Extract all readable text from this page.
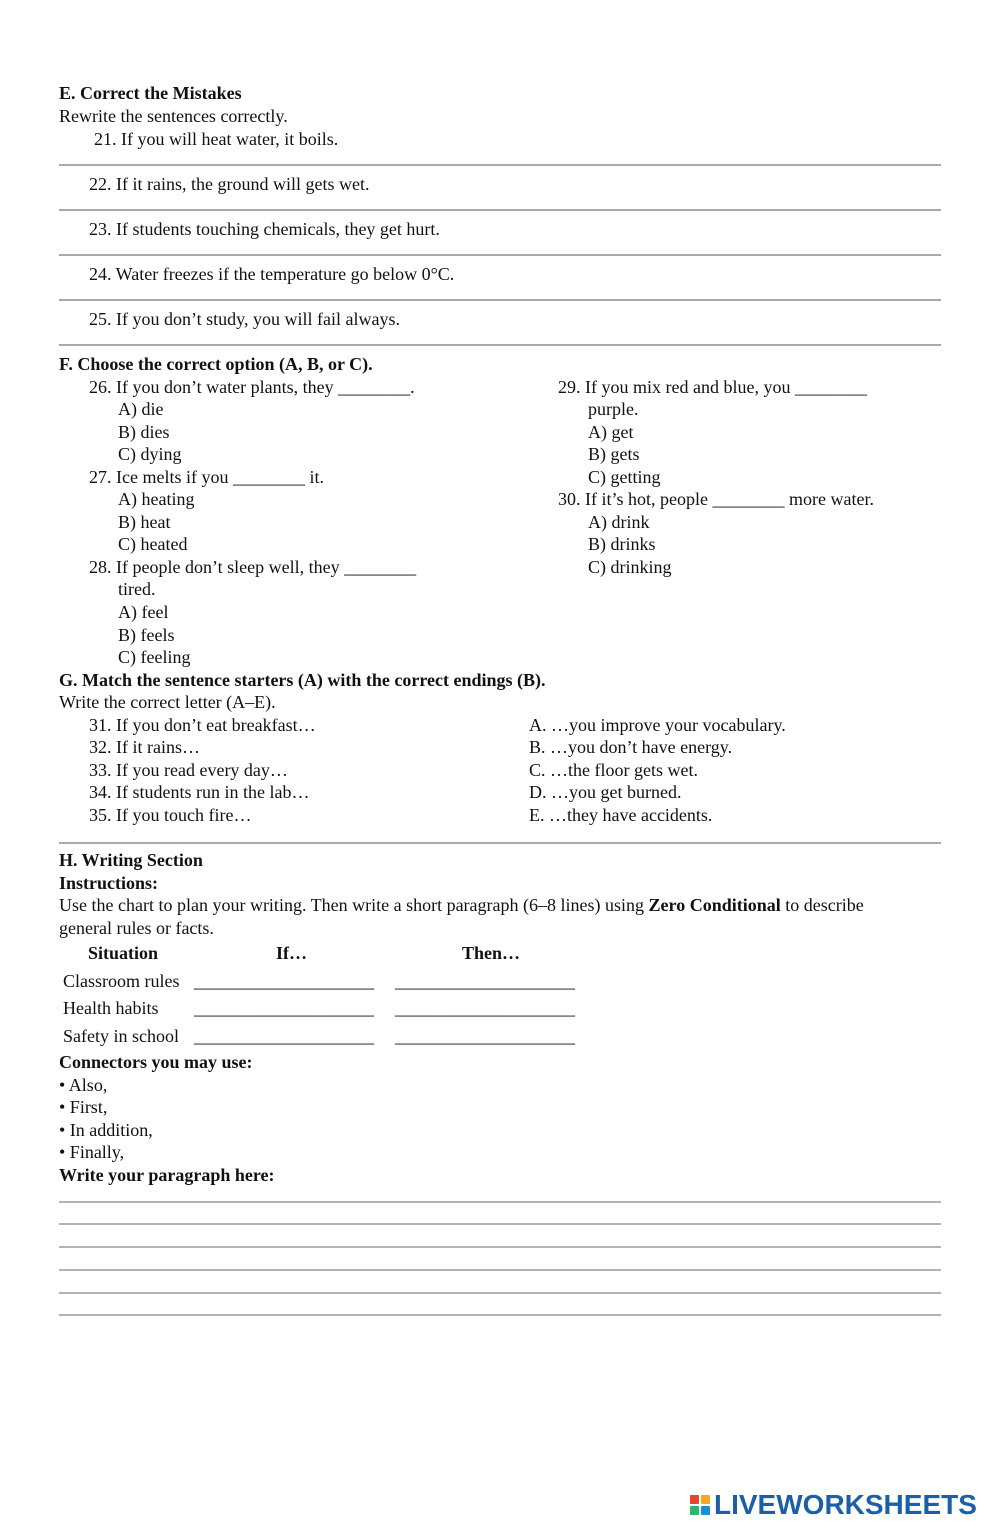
E. Correct the Mistakes
Rewrite the sentences correctly.
21. If you will heat water, it boils.
22. If it rains, the ground will gets wet.
23. If students touching chemicals, they get hurt.
24. Water freezes if the temperature go below 0°C.
25. If you don’t study, you will fail always.
F. Choose the correct option (A, B, or C).
26. If you don’t water plants, they ________.
A) die
B) dies
C) dying
27. Ice melts if you ________ it.
A) heating
B) heat
C) heated
28. If people don’t sleep well, they ________
tired.
A) feel
B) feels
C) feeling
29. If you mix red and blue, you ________
purple.
A) get
B) gets
C) getting
30. If it’s hot, people ________ more water.
A) drink
B) drinks
C) drinking
G. Match the sentence starters (A) with the correct endings (B).
Write the correct letter (A–E).
31. If you don’t eat breakfast…
32. If it rains…
33. If you read every day…
34. If students run in the lab…
35. If you touch fire…
A. …you improve your vocabulary.
B. …you don’t have energy.
C. …the floor gets wet.
D. …you get burned.
E. …they have accidents.
H. Writing Section
Instructions:
Use the chart to plan your writing. Then write a short paragraph (6–8 lines) using Zero Conditional to describe
general rules or facts.
Situation	If…	Then…
Classroom rules ____________________ ____________________
Health habits ____________________ ____________________
Safety in school ____________________ ____________________
Connectors you may use:
• Also,
• First,
• In addition,
• Finally,
Write your paragraph here:
LIVEWORKSHEETS
